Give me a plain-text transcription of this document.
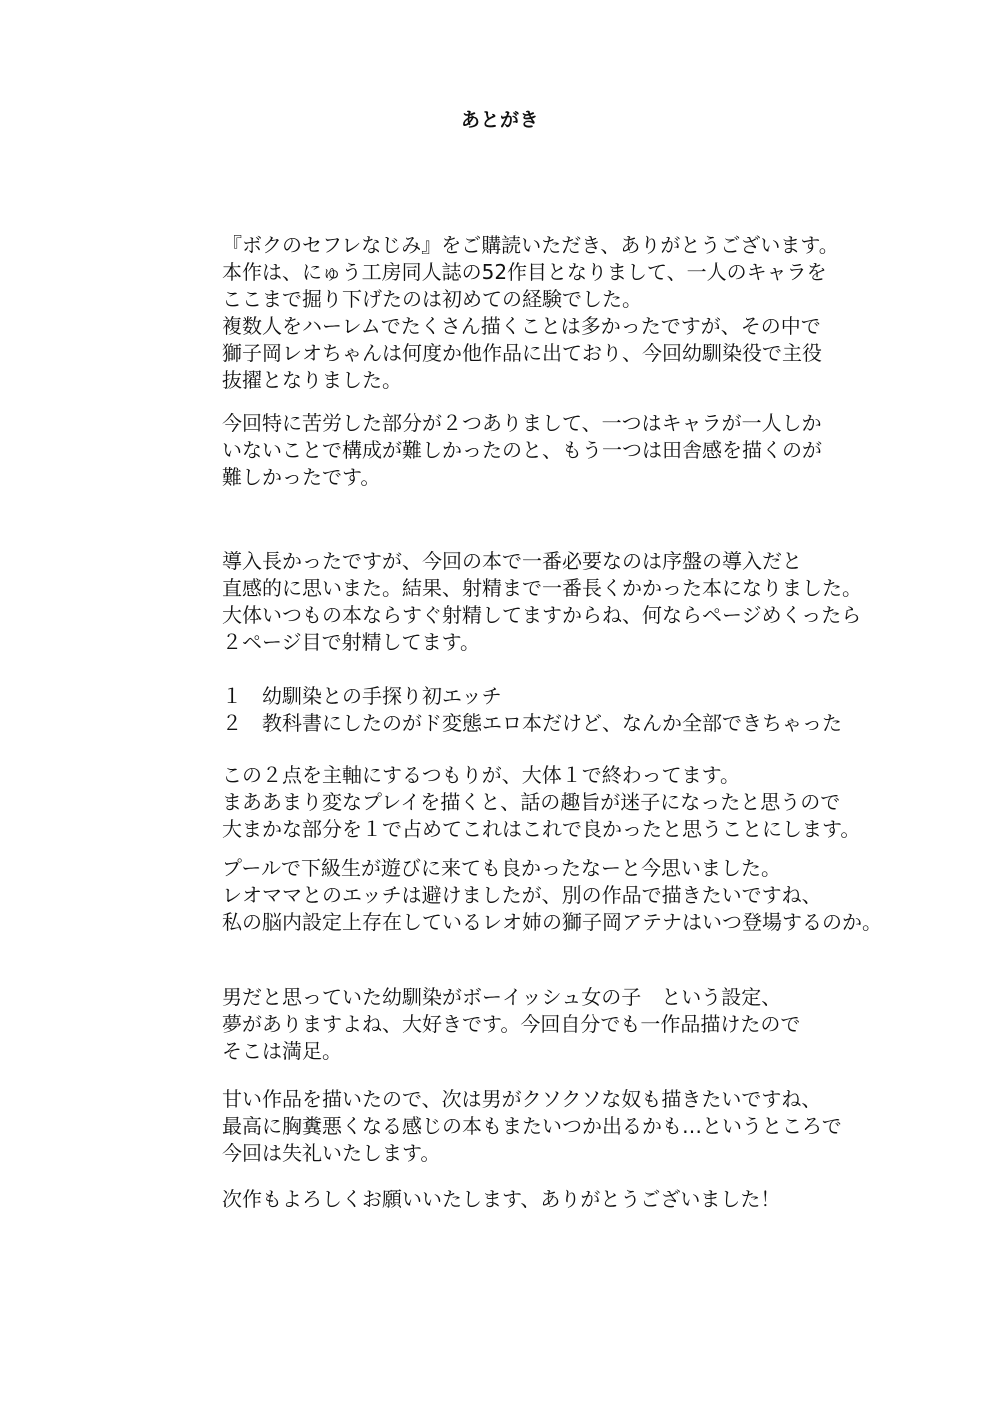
あとがき
『ボクのセフレなじみ』をご購読いただき、ありがとうございます。
本作は、にゅう工房同人誌の52作目となりまして、一人のキャラを
ここまで掘り下げたのは初めての経験でした。
複数人をハーレムでたくさん描くことは多かったですが、その中で
獅子岡レオちゃんは何度か他作品に出ており、今回幼馴染役で主役
抜擢となりました。
今回特に苦労した部分が２つありまして、一つはキャラが一人しか
いないことで構成が難しかったのと、もう一つは田舎感を描くのが
難しかったです。
導入長かったですが、今回の本で一番必要なのは序盤の導入だと
直感的に思いまた。結果、射精まで一番長くかかった本になりました。
大体いつもの本ならすぐ射精してますからね、何ならページめくったら
２ページ目で射精してます。
１　幼馴染との手探り初エッチ
２　教科書にしたのがド変態エロ本だけど、なんか全部できちゃった
この２点を主軸にするつもりが、大体１で終わってます。
まああまり変なプレイを描くと、話の趣旨が迷子になったと思うので
大まかな部分を１で占めてこれはこれで良かったと思うことにします。
プールで下級生が遊びに来ても良かったなーと今思いました。
レオママとのエッチは避けましたが、別の作品で描きたいですね、
私の脳内設定上存在しているレオ姉の獅子岡アテナはいつ登場するのか。
男だと思っていた幼馴染がボーイッシュ女の子　という設定、
夢がありますよね、大好きです。今回自分でも一作品描けたので
そこは満足。
甘い作品を描いたので、次は男がクソクソな奴も描きたいですね、
最高に胸糞悪くなる感じの本もまたいつか出るかも…というところで
今回は失礼いたします。
次作もよろしくお願いいたします、ありがとうございました！
